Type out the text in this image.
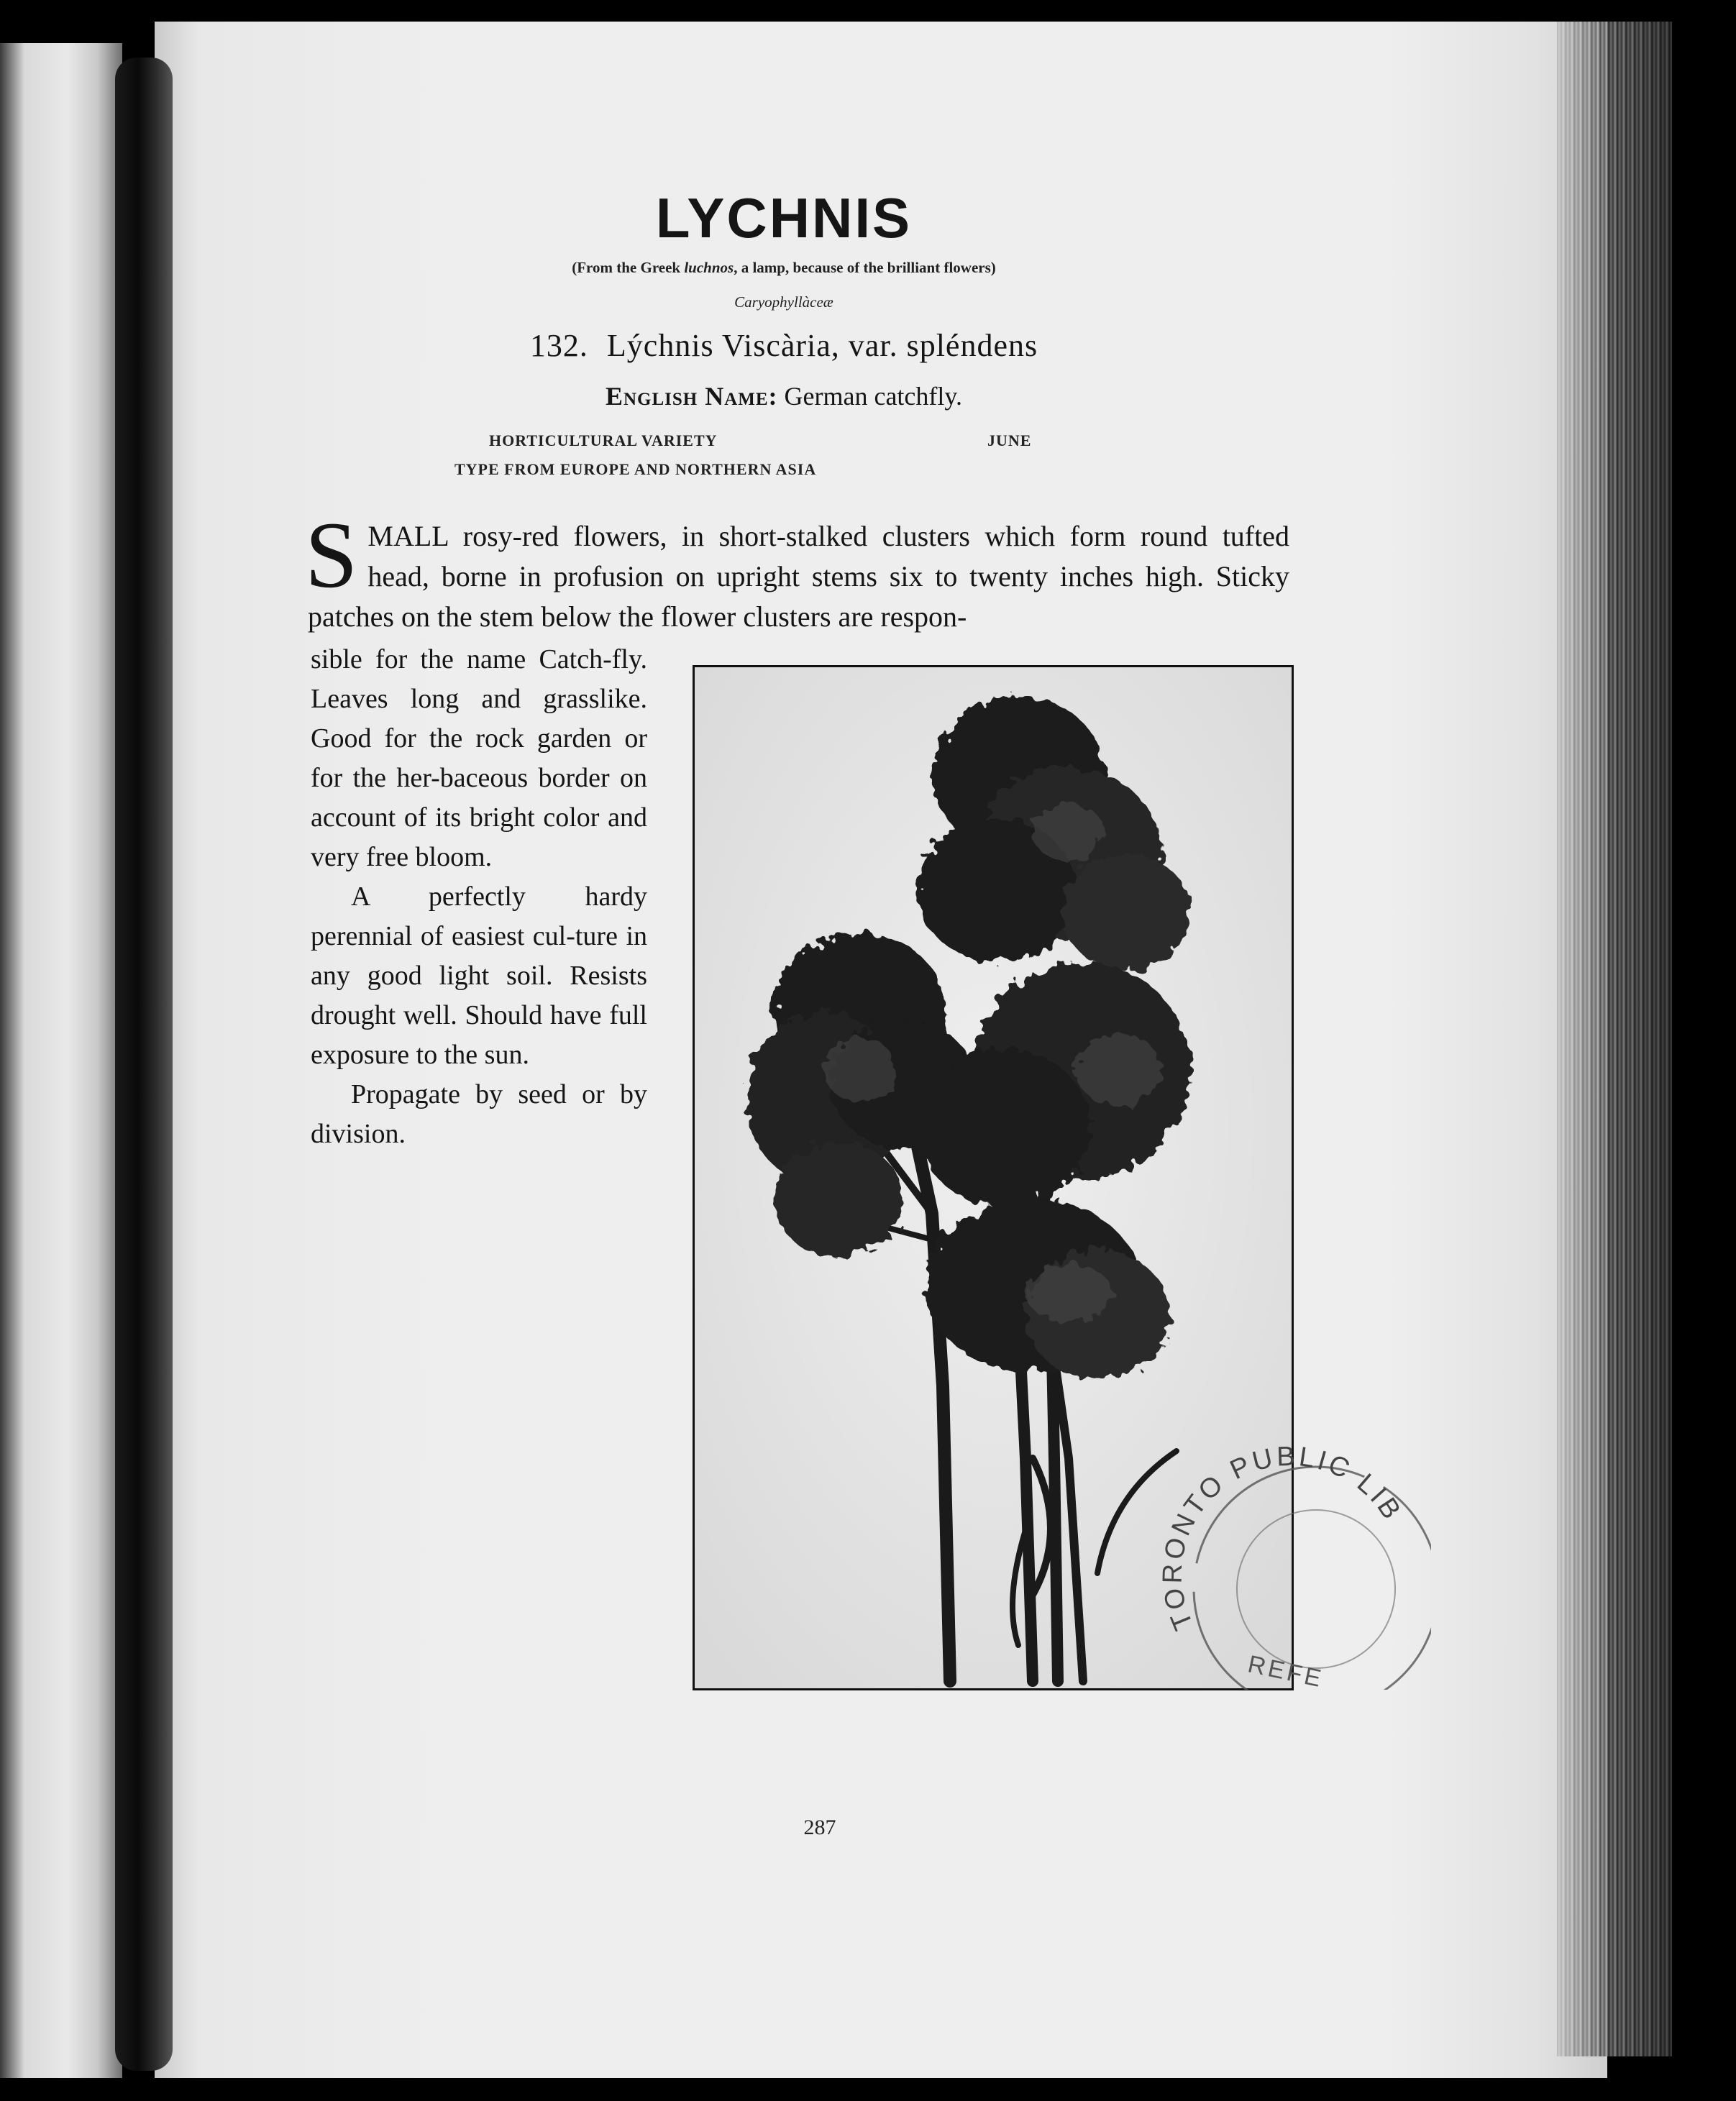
LYCHNIS
(From the Greek luchnos, a lamp, because of the brilliant flowers)
Caryophyllàceæ
132. Lýchnis Viscària, var. spléndens
English Name: German catchfly.
HORTICULTURAL VARIETY	JUNE
TYPE FROM EUROPE AND NORTHERN ASIA
SMALL rosy-red flowers, in short-stalked clusters which form round tufted head, borne in profusion on upright stems six to twenty inches high. Sticky patches on the stem below the flower clusters are respon-

sible for the name Catch-fly. Leaves long and grasslike. Good for the rock garden or for the her-baceous border on account of its bright color and very free bloom.

A perfectly hardy perennial of easiest cul-ture in any good light soil. Resists drought well. Should have full exposure to the sun.

Propagate by seed or by division.

TORONTO PUBLIC LIB
REFE
287
